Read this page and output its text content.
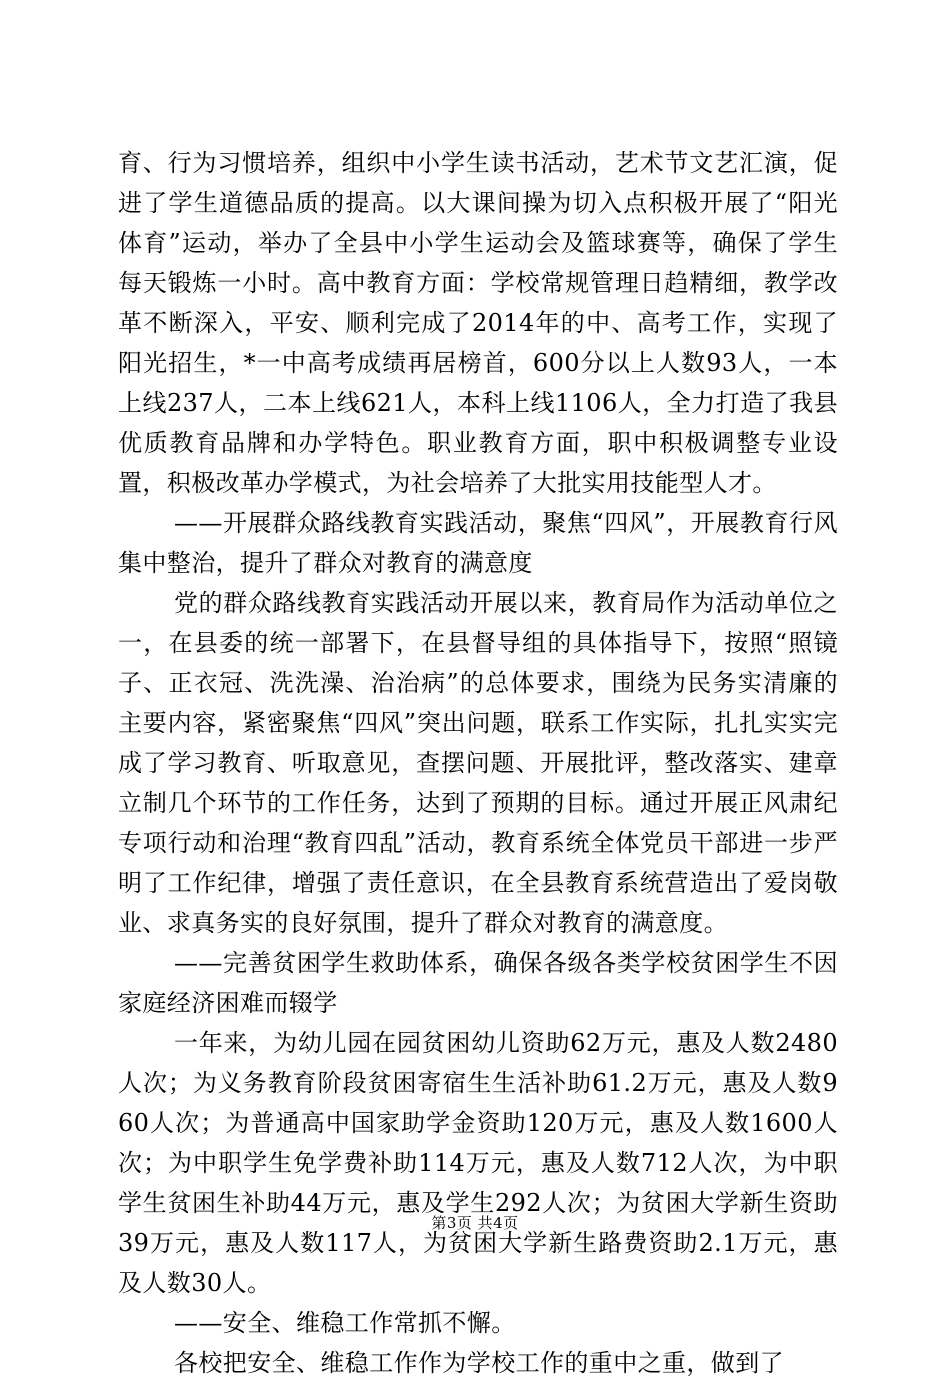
育、行为习惯培养，组织中小学生读书活动，艺术节文艺汇演，促进了学生道德品质的提高。以大课间操为切入点积极开展了“阳光体育”运动，举办了全县中小学生运动会及篮球赛等，确保了学生每天锻炼一小时。高中教育方面：学校常规管理日趋精细，教学改革不断深入，平安、顺利完成了2014年的中、高考工作，实现了阳光招生，*一中高考成绩再居榜首，600分以上人数93人，一本上线237人，二本上线621人，本科上线1106人，全力打造了我县优质教育品牌和办学特色。职业教育方面，职中积极调整专业设置，积极改革办学模式，为社会培养了大批实用技能型人才。

——开展群众路线教育实践活动，聚焦“四风”，开展教育行风集中整治，提升了群众对教育的满意度

党的群众路线教育实践活动开展以来，教育局作为活动单位之一，在县委的统一部署下，在县督导组的具体指导下，按照“照镜子、正衣冠、洗洗澡、治治病”的总体要求，围绕为民务实清廉的主要内容，紧密聚焦“四风”突出问题，联系工作实际，扎扎实实完成了学习教育、听取意见，查摆问题、开展批评，整改落实、建章立制几个环节的工作任务，达到了预期的目标。通过开展正风肃纪专项行动和治理“教育四乱”活动，教育系统全体党员干部进一步严明了工作纪律，增强了责任意识，在全县教育系统营造出了爱岗敬业、求真务实的良好氛围，提升了群众对教育的满意度。

——完善贫困学生救助体系，确保各级各类学校贫困学生不因家庭经济困难而辍学

一年来，为幼儿园在园贫困幼儿资助62万元，惠及人数2480人次；为义务教育阶段贫困寄宿生生活补助61.2万元，惠及人数960人次；为普通高中国家助学金资助120万元，惠及人数1600人次；为中职学生免学费补助114万元，惠及人数712人次，为中职学生贫困生补助44万元，惠及学生292人次；为贫困大学新生资助39万元，惠及人数117人，为贫困大学新生路费资助2.1万元，惠及人数30人。

——安全、维稳工作常抓不懈。

各校把安全、维稳工作作为学校工作的重中之重，做到了

第3页 共4页
